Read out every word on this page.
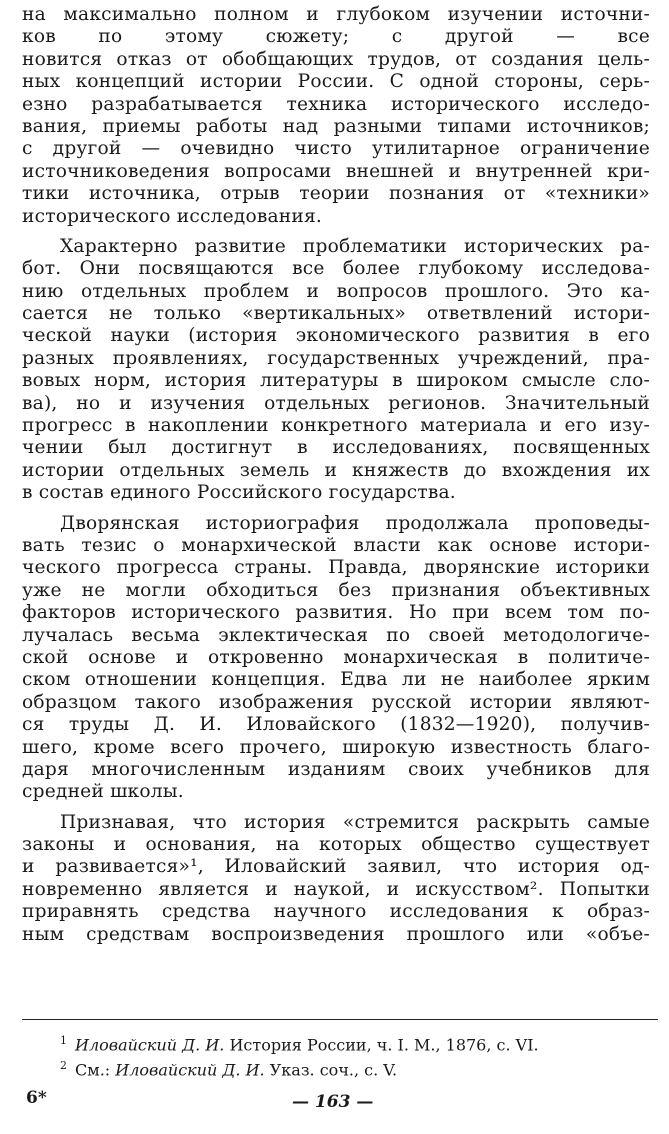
на максимально полном и глубоком изучении источни-
ков по этому сюжету; с другой — все
новится отказ от обобщающих трудов, от создания цель-
ных концепций истории России. С одной стороны, серь-
езно разрабатывается техника исторического исследо-
вания, приемы работы над разными типами источников;
с другой — очевидно чисто утилитарное ограничение
источниковедения вопросами внешней и внутренней кри-
тики источника, отрыв теории познания от «техники»
исторического исследования.
Характерно развитие проблематики исторических ра-
бот. Они посвящаются все более глубокому исследова-
нию отдельных проблем и вопросов прошлого. Это ка-
сается не только «вертикальных» ответвлений истори-
ческой науки (история экономического развития в его
разных проявлениях, государственных учреждений, пра-
вовых норм, история литературы в широком смысле сло-
ва), но и изучения отдельных регионов. Значительный
прогресс в накоплении конкретного материала и его изу-
чении был достигнут в исследованиях, посвященных
истории отдельных земель и княжеств до вхождения их
в состав единого Российского государства.
Дворянская историография продолжала проповеды-
вать тезис о монархической власти как основе истори-
ческого прогресса страны. Правда, дворянские историки
уже не могли обходиться без признания объективных
факторов исторического развития. Но при всем том по-
лучалась весьма эклектическая по своей методологиче-
ской основе и откровенно монархическая в политиче-
ском отношении концепция. Едва ли не наиболее ярким
образцом такого изображения русской истории являют-
ся труды Д. И. Иловайского (1832—1920), получив-
шего, кроме всего прочего, широкую известность благо-
даря многочисленным изданиям своих учебников для
средней школы.
Признавая, что история «стремится раскрыть самые
законы и основания, на которых общество существует
и развивается»¹, Иловайский заявил, что история од-
новременно является и наукой, и искусством². Попытки
приравнять средства научного исследования к образ-
ным средствам воспроизведения прошлого или «объе-
$^1$ Иловайский Д. И. История России, ч. I. М., 1876, с. VI.
$^2$ См.: Иловайский Д. И. Указ. соч., с. V.
6*	— 163 —
